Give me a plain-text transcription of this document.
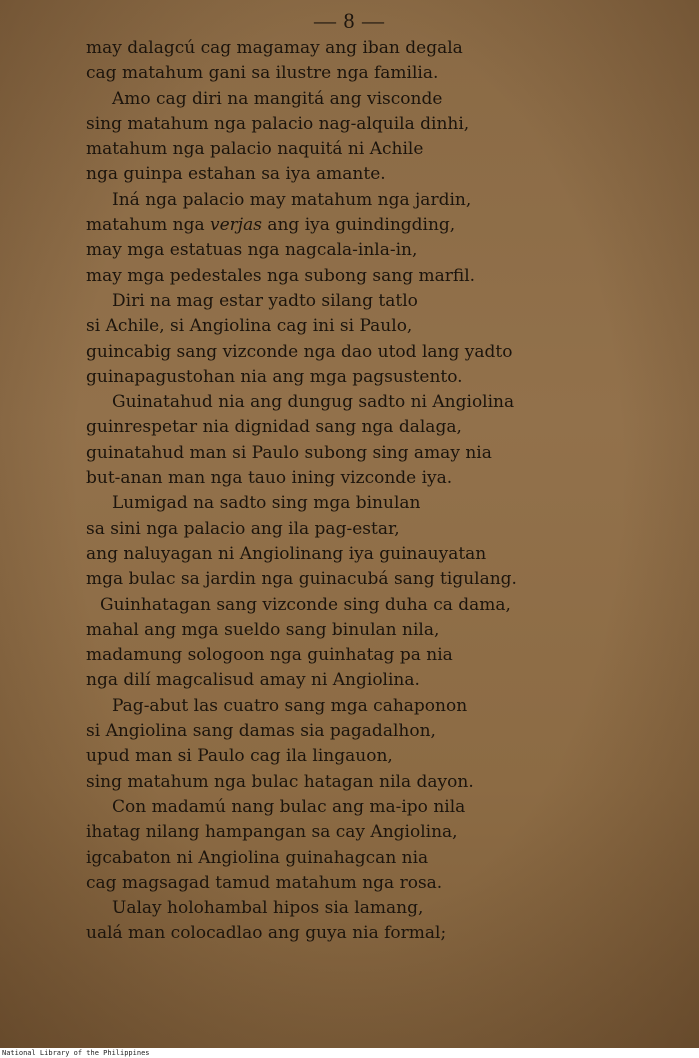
— 8 —
may dalagcú cag magamay ang iban degala
cag matahum gani sa ilustre nga familia.
Amo cag diri na mangitá ang visconde
sing matahum nga palacio nag-alquila dinhi,
matahum nga palacio naquitá ni Achile
nga guinpa estahan sa iya amante.
Iná nga palacio may matahum nga jardin,
matahum nga verjas ang iya guindingding,
may mga estatuas nga nagcala-inla-in,
may mga pedestales nga subong sang marfil.
Diri na mag estar yadto silang tatlo
si Achile, si Angiolina cag ini si Paulo,
guincabig sang vizconde nga dao utod lang yadto
guinapagustohan nia ang mga pagsustento.
Guinatahud nia ang dungug sadto ni Angiolina
guinrespetar nia dignidad sang nga dalaga,
guinatahud man si Paulo subong sing amay nia
but-anan man nga tauo ining vizconde iya.
Lumigad na sadto sing mga binulan
sa sini nga palacio ang ila pag-estar,
ang naluyagan ni Angiolinang iya guinauyatan
mga bulac sa jardin nga guinacubá sang tigulang.
Guinhatagan sang vizconde sing duha ca dama,
mahal ang mga sueldo sang binulan nila,
madamung sologoon nga guinhatag pa nia
nga dilí magcalisud amay ni Angiolina.
Pag-abut las cuatro sang mga cahaponon
si Angiolina sang damas sia pagadalhon,
upud man si Paulo cag ila lingauon,
sing matahum nga bulac hatagan nila dayon.
Con madamú nang bulac ang ma-ipo nila
ihatag nilang hampangan sa cay Angiolina,
igcabaton ni Angiolina guinahagcan nia
cag magsagad tamud matahum nga rosa.
Ualay holohambal hipos sia lamang,
ualá man colocadlao ang guya nia formal;
National Library of the Philippines
